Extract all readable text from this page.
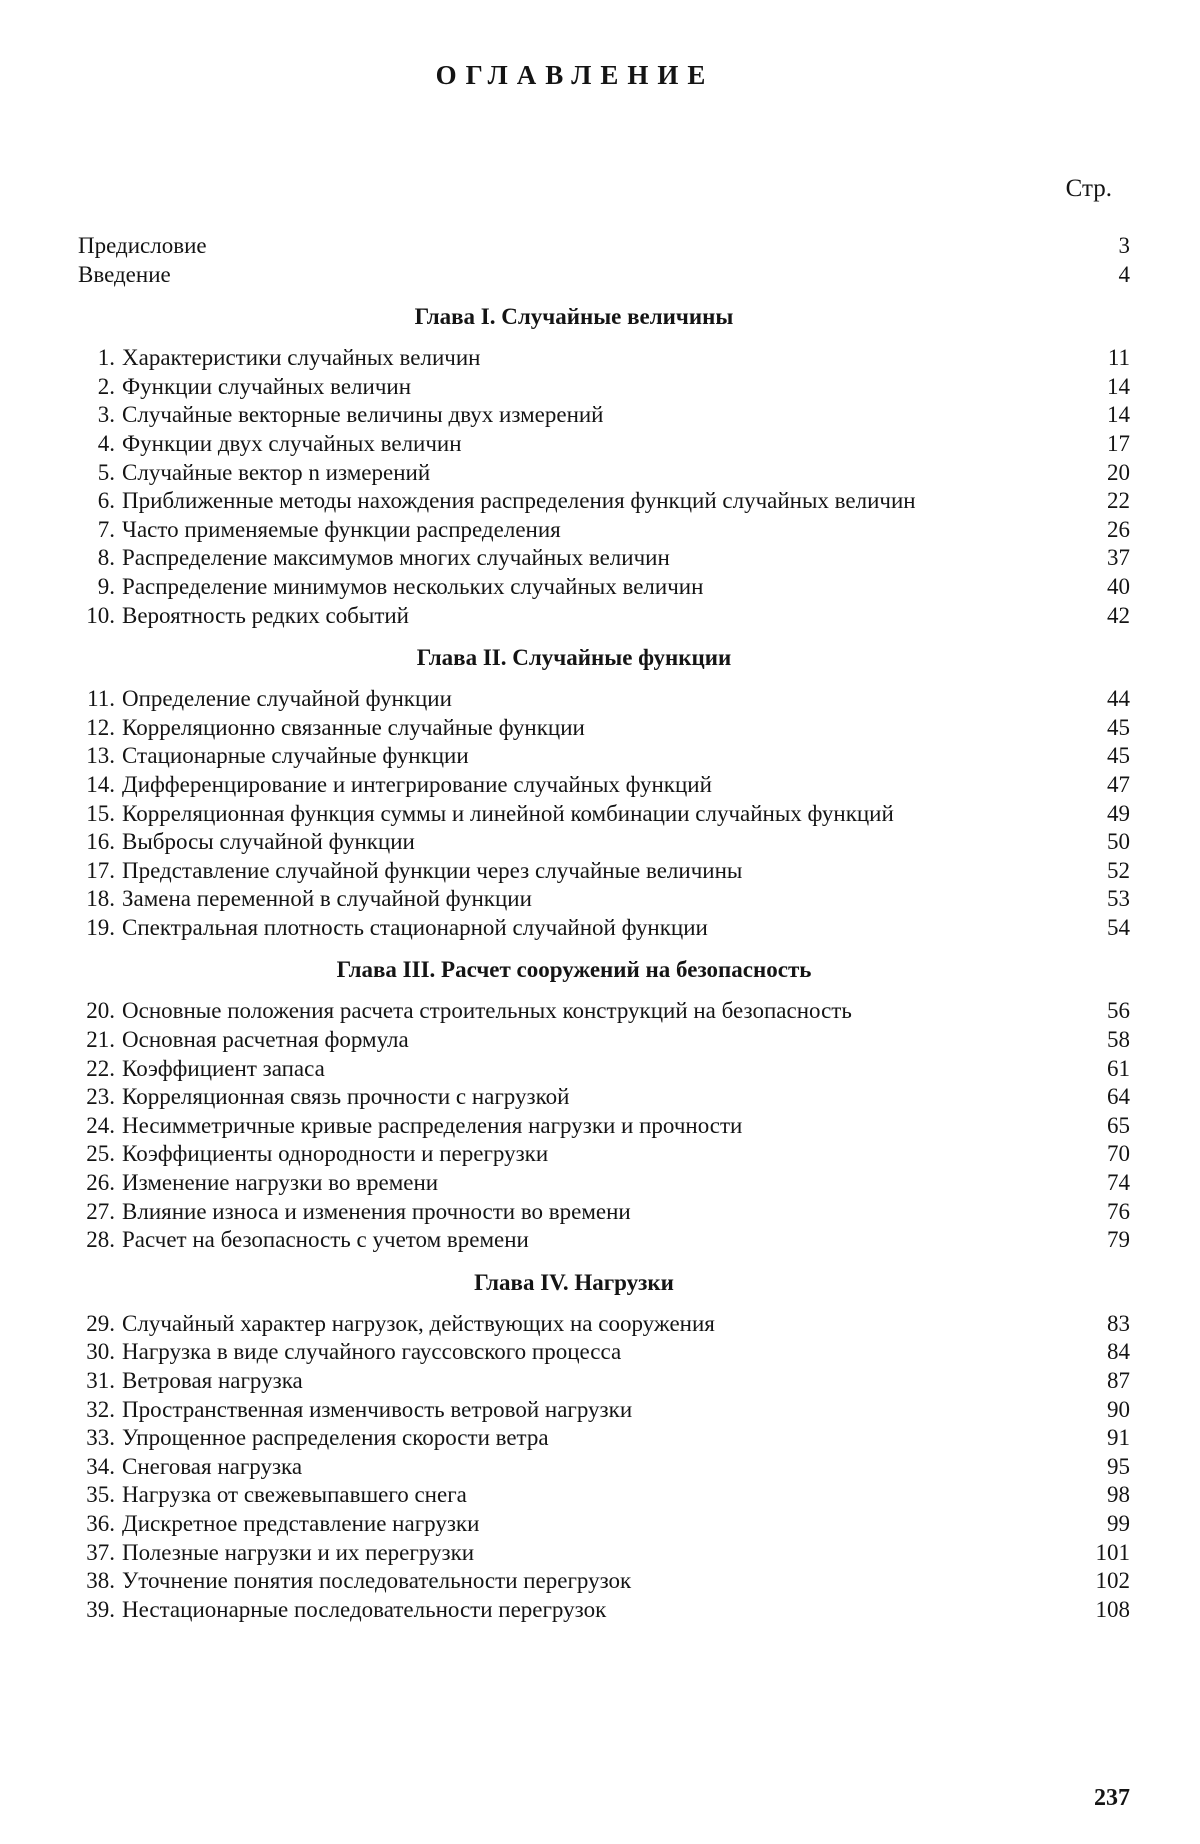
ОГЛАВЛЕНИЕ
Стр.
Предисловие	3
Введение	4
Глава I. Случайные величины
1. Характеристики случайных величин	11
2. Функции случайных величин	14
3. Случайные векторные величины двух измерений	14
4. Функции двух случайных величин	17
5. Случайные вектор n измерений	20
6. Приближенные методы нахождения распределения функций случайных величин	22
7. Часто применяемые функции распределения	26
8. Распределение максимумов многих случайных величин	37
9. Распределение минимумов нескольких случайных величин	40
10. Вероятность редких событий	42
Глава II. Случайные функции
11. Определение случайной функции	44
12. Корреляционно связанные случайные функции	45
13. Стационарные случайные функции	45
14. Дифференцирование и интегрирование случайных функций	47
15. Корреляционная функция суммы и линейной комбинации случайных функций	49
16. Выбросы случайной функции	50
17. Представление случайной функции через случайные величины	52
18. Замена переменной в случайной функции	53
19. Спектральная плотность стационарной случайной функции	54
Глава III. Расчет сооружений на безопасность
20. Основные положения расчета строительных конструкций на безопасность	56
21. Основная расчетная формула	58
22. Коэффициент запаса	61
23. Корреляционная связь прочности с нагрузкой	64
24. Несимметричные кривые распределения нагрузки и прочности	65
25. Коэффициенты однородности и перегрузки	70
26. Изменение нагрузки во времени	74
27. Влияние износа и изменения прочности во времени	76
28. Расчет на безопасность с учетом времени	79
Глава IV. Нагрузки
29. Случайный характер нагрузок, действующих на сооружения	83
30. Нагрузка в виде случайного гауссовского процесса	84
31. Ветровая нагрузка	87
32. Пространственная изменчивость ветровой нагрузки	90
33. Упрощенное распределения скорости ветра	91
34. Снеговая нагрузка	95
35. Нагрузка от свежевыпавшего снега	98
36. Дискретное представление нагрузки	99
37. Полезные нагрузки и их перегрузки	101
38. Уточнение понятия последовательности перегрузок	102
39. Нестационарные последовательности перегрузок	108
237
